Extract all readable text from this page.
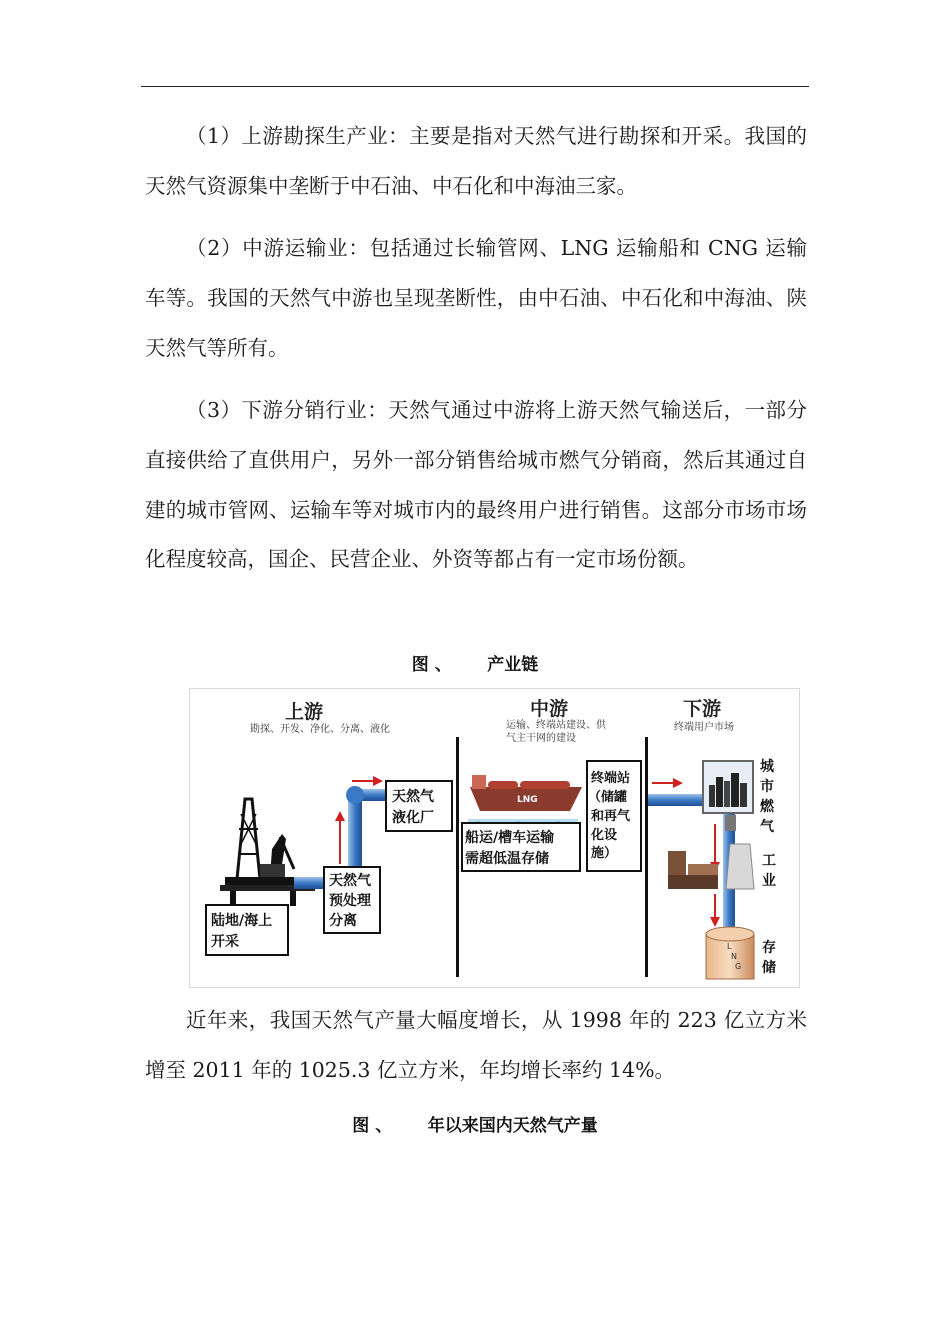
（1）上游勘探生产业：主要是指对天然气进行勘探和开采。我国的天然气资源集中垄断于中石油、中石化和中海油三家。

（2）中游运输业：包括通过长输管网、LNG 运输船和 CNG 运输车等。我国的天然气中游也呈现垄断性，由中石油、中石化和中海油、陕天然气等所有。

（3）下游分销行业：天然气通过中游将上游天然气输送后，一部分直接供给了直供用户，另外一部分销售给城市燃气分销商，然后其通过自建的城市管网、运输车等对城市内的最终用户进行销售。这部分市场市场化程度较高，国企、民营企业、外资等都占有一定市场份额。

图 、 产业链
上游
勘探、开发、净化、分离、液化
中游
运输、终端站建设、供
气主干网的建设
下游
终端用户市场
陆地/海上
开采
天然气
预处理
分离
天然气
液化厂
LNG
船运/槽车运输
需超低温存储
终端站
（储罐
和再气
化设
施）
城
市
燃
气
工
业
L
N
G
存
储

近年来，我国天然气产量大幅度增长，从 1998 年的 223 亿立方米增至 2011 年的 1025.3 亿立方米，年均增长率约 14%。

图 、 年以来国内天然气产量
